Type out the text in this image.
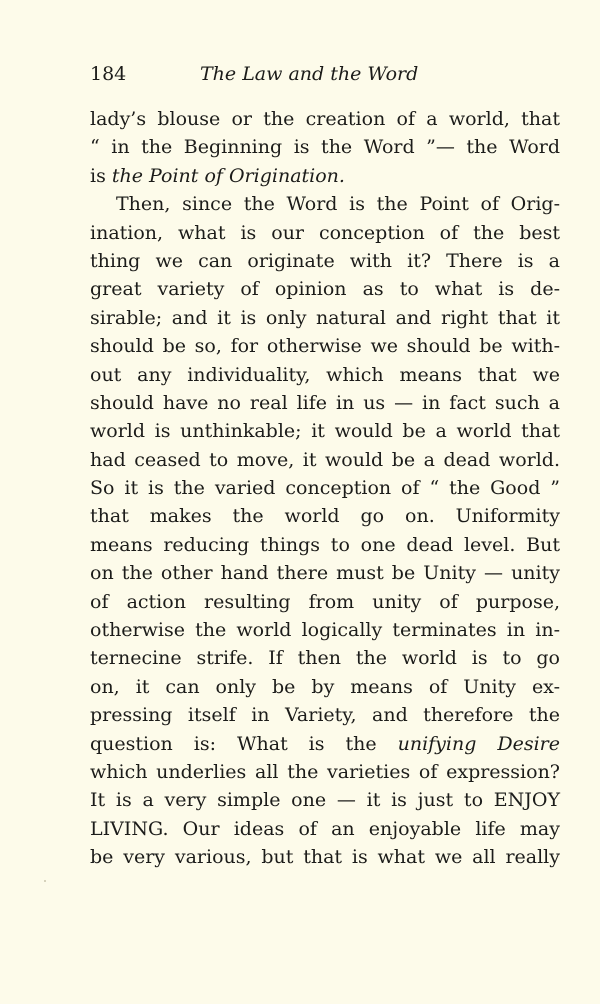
184	The Law and the Word
lady’s blouse or the creation of a world, that
“ in the Beginning is the Word ”— the Word
is the Point of Origination.
Then, since the Word is the Point of Orig-
ination, what is our conception of the best
thing we can originate with it? There is a
great variety of opinion as to what is de-
sirable; and it is only natural and right that it
should be so, for otherwise we should be with-
out any individuality, which means that we
should have no real life in us — in fact such a
world is unthinkable; it would be a world that
had ceased to move, it would be a dead world.
So it is the varied conception of “ the Good ”
that makes the world go on. Uniformity
means reducing things to one dead level. But
on the other hand there must be Unity — unity
of action resulting from unity of purpose,
otherwise the world logically terminates in in-
ternecine strife. If then the world is to go
on, it can only be by means of Unity ex-
pressing itself in Variety, and therefore the
question is: What is the unifying Desire
which underlies all the varieties of expression?
It is a very simple one — it is just to ENJOY
LIVING. Our ideas of an enjoyable life may
be very various, but that is what we all really
